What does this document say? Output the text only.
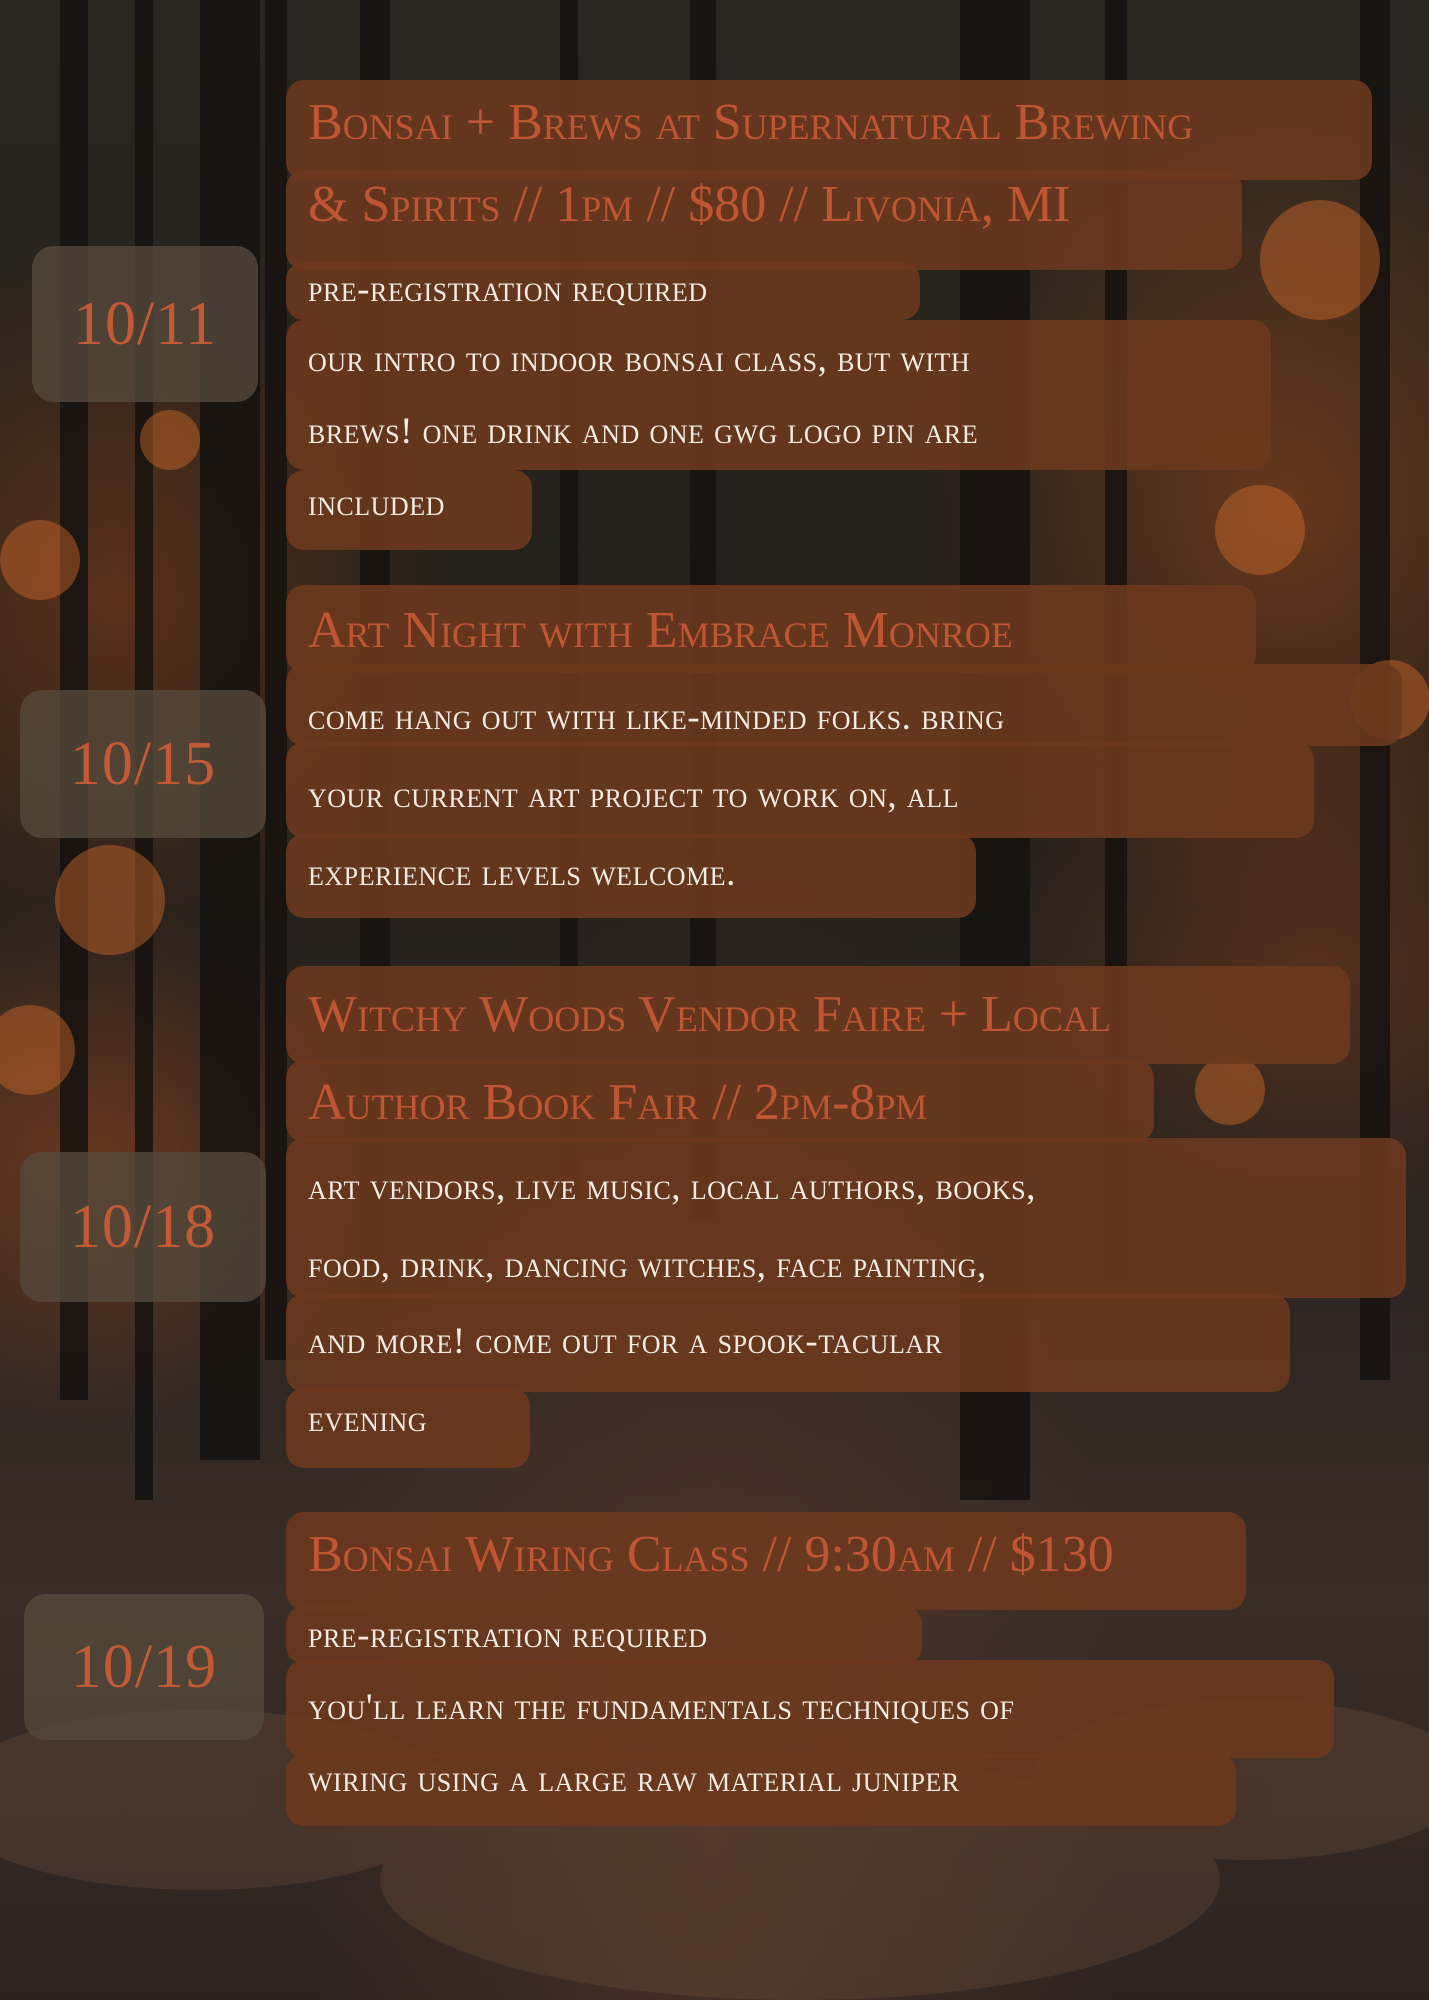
10/11
Bonsai + Brews at Supernatural Brewing
& Spirits // 1pm // $80 // Livonia, MI
pre-registration required
our intro to indoor bonsai class, but with
brews! one drink and one gwg logo pin are
included
10/15
Art Night with Embrace Monroe
come hang out with like-minded folks. bring
your current art project to work on, all
experience levels welcome.
10/18
Witchy Woods Vendor Faire + Local
Author Book Fair // 2pm-8pm
art vendors, live music, local authors, books,
food, drink, dancing witches, face painting,
and more! come out for a spook-tacular
evening
10/19
Bonsai Wiring Class // 9:30am // $130
pre-registration required
you'll learn the fundamentals techniques of
wiring using a large raw material juniper
